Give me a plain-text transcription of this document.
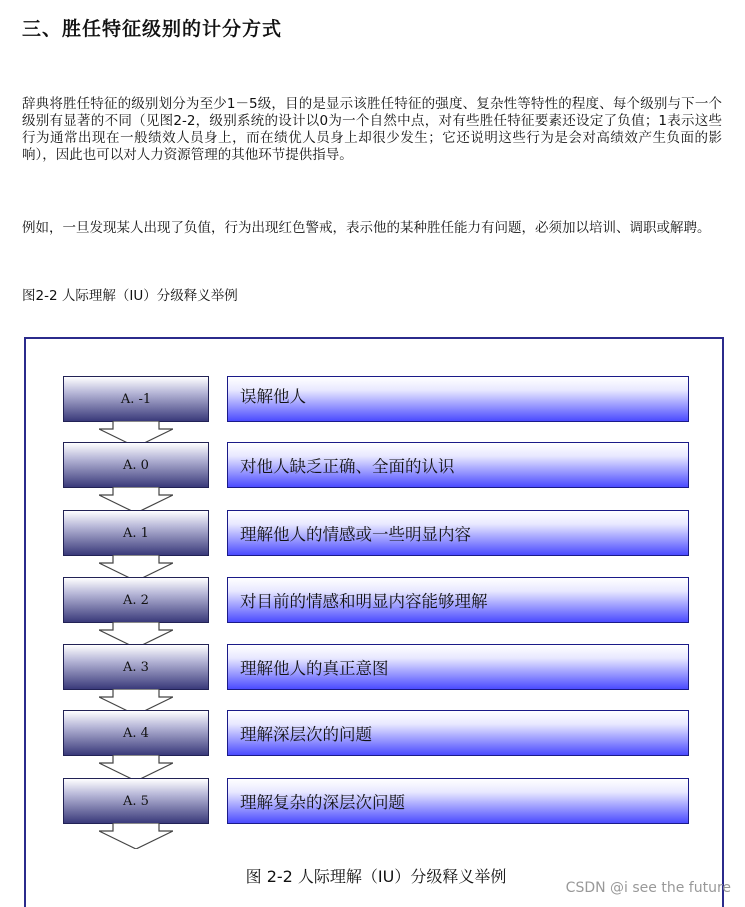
三、胜任特征级别的计分方式
辞典将胜任特征的级别划分为至少1－5级，目的是显示该胜任特征的强度、复杂性等特性的程度、每个级别与下一个级别有显著的不同（见图2-2，级别系统的设计以0为一个自然中点，对有些胜任特征要素还设定了负值；1表示这些行为通常出现在一般绩效人员身上，而在绩优人员身上却很少发生；它还说明这些行为是会对高绩效产生负面的影响），因此也可以对人力资源管理的其他环节提供指导。
例如，一旦发现某人出现了负值，行为出现红色警戒，表示他的某种胜任能力有问题，必须加以培训、调职或解聘。
图2-2 人际理解（IU）分级释义举例
A. -1	误解他人
A. 0	对他人缺乏正确、全面的认识
A. 1	理解他人的情感或一些明显内容
A. 2	对目前的情感和明显内容能够理解
A. 3	理解他人的真正意图
A. 4	理解深层次的问题
A. 5	理解复杂的深层次问题
图 2-2 人际理解（IU）分级释义举例
CSDN @i see the future
